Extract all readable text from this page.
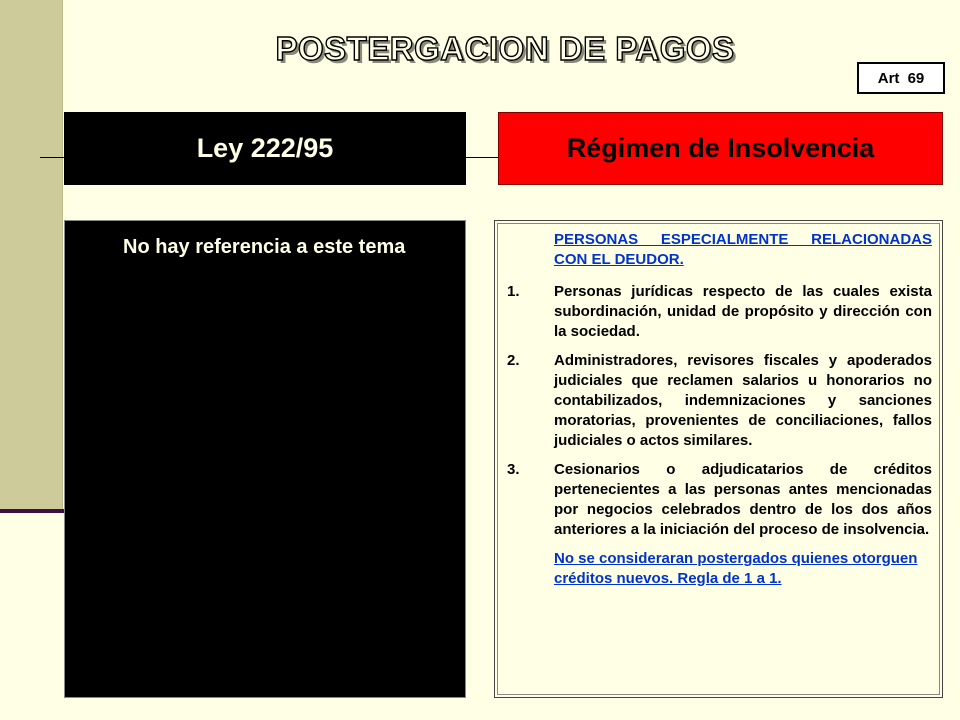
POSTERGACION DE PAGOS
Art 69
Ley 222/95	Régimen de Insolvencia
No hay referencia a este tema	PERSONAS ESPECIALMENTE RELACIONADAS CON EL DEUDOR.
1.	Personas jurídicas respecto de las cuales exista subordinación, unidad de propósito y dirección con la sociedad.
2.	Administradores, revisores fiscales y apoderados judiciales que reclamen salarios u honorarios no contabilizados, indemnizaciones y sanciones moratorias, provenientes de conciliaciones, fallos judiciales o actos similares.
3.	Cesionarios o adjudicatarios de créditos pertenecientes a las personas antes mencionadas por negocios celebrados dentro de los dos años anteriores a la iniciación del proceso de insolvencia.
No se consideraran postergados quienes otorguen créditos nuevos. Regla de 1 a 1.
